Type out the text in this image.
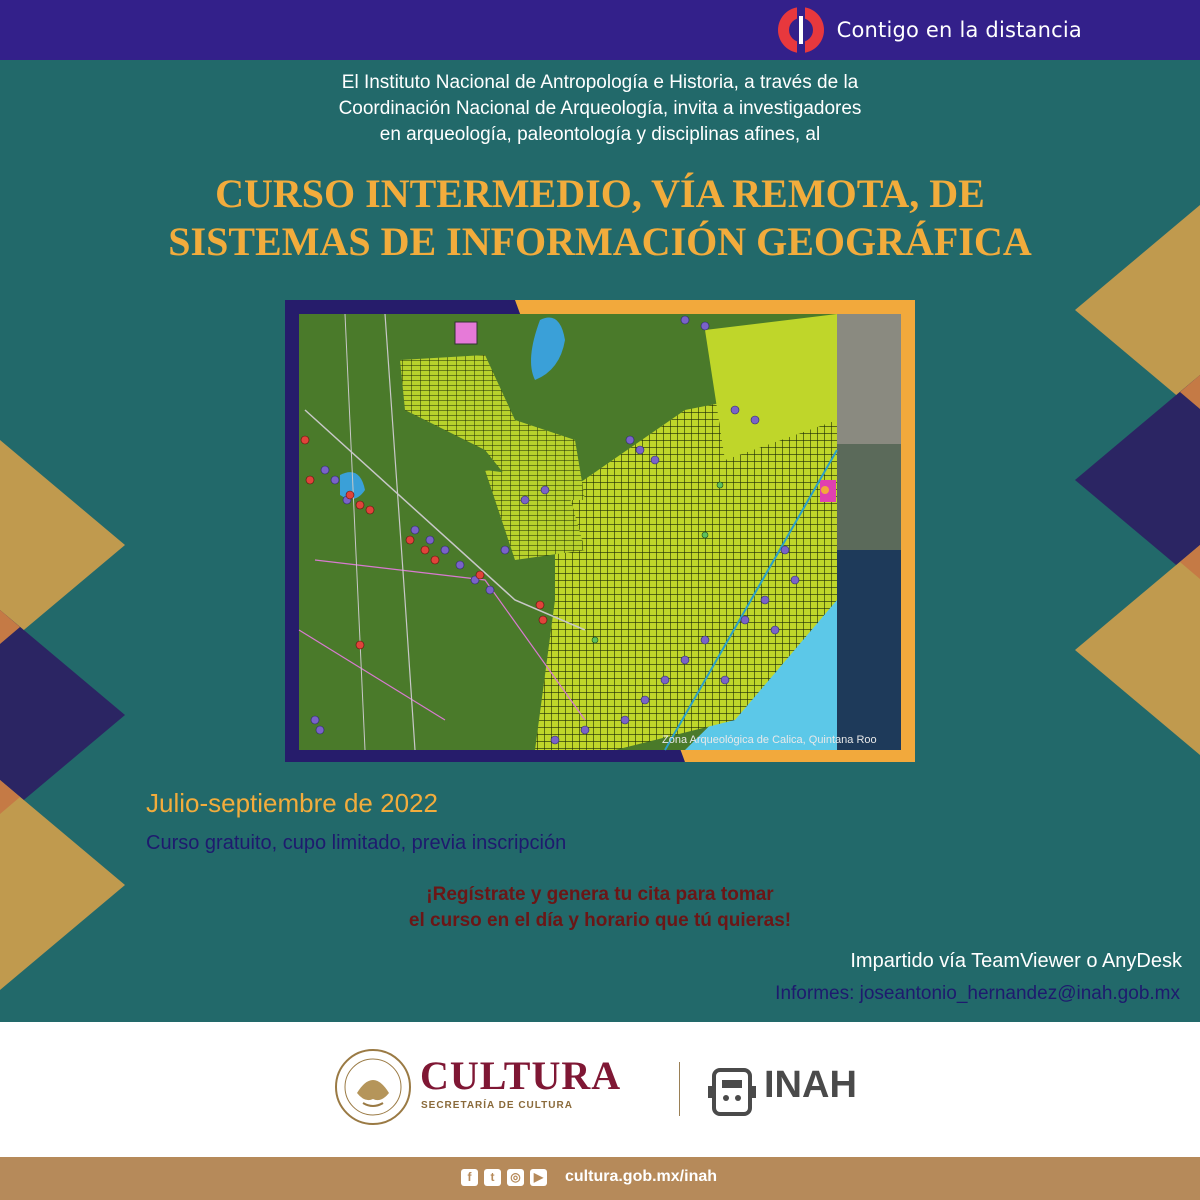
Contigo en la distancia
El Instituto Nacional de Antropología e Historia, a través de la
Coordinación Nacional de Arqueología, invita a investigadores
en arqueología, paleontología y disciplinas afines, al
CURSO INTERMEDIO, VÍA REMOTA, DE
SISTEMAS DE INFORMACIÓN GEOGRÁFICA
Zona Arqueológica de Calica, Quintana Roo
Julio-septiembre de 2022
Curso gratuito, cupo limitado, previa inscripción
¡Regístrate y genera tu cita para tomar
el curso en el día y horario que tú quieras!
Impartido vía TeamViewer o AnyDesk
Informes: joseantonio_hernandez@inah.gob.mx
CULTURA
SECRETARÍA DE CULTURA	INAH
f	t	◎	▶ cultura.gob.mx/inah
